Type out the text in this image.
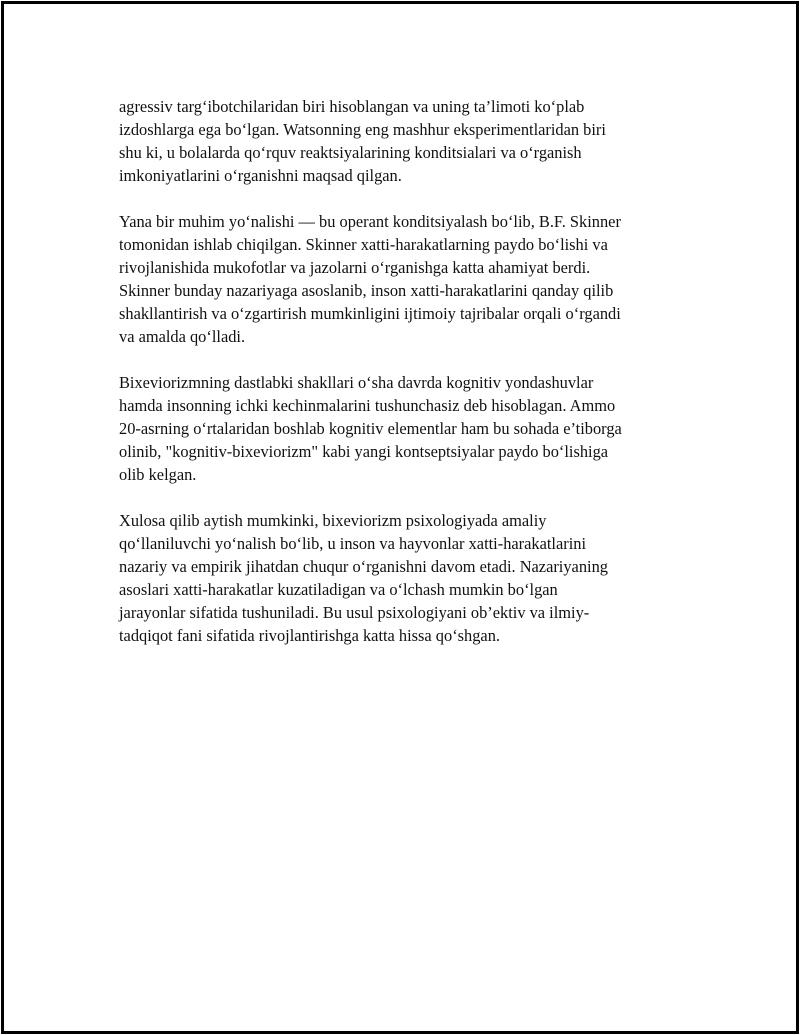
agressiv targ‘ibotchilaridan biri hisoblangan va uning ta’limoti ko‘plab
izdoshlarga ega bo‘lgan. Watsonning eng mashhur eksperimentlaridan biri
shu ki, u bolalarda qo‘rquv reaktsiyalarining konditsialari va o‘rganish
imkoniyatlarini o‘rganishni maqsad qilgan.

Yana bir muhim yo‘nalishi — bu operant konditsiyalash bo‘lib, B.F. Skinner
tomonidan ishlab chiqilgan. Skinner xatti-harakatlarning paydo bo‘lishi va
rivojlanishida mukofotlar va jazolarni o‘rganishga katta ahamiyat berdi.
Skinner bunday nazariyaga asoslanib, inson xatti-harakatlarini qanday qilib
shakllantirish va o‘zgartirish mumkinligini ijtimoiy tajribalar orqali o‘rgandi
va amalda qo‘lladi.

Bixeviorizmning dastlabki shakllari o‘sha davrda kognitiv yondashuvlar
hamda insonning ichki kechinmalarini tushunchasiz deb hisoblagan. Ammo
20-asrning o‘rtalaridan boshlab kognitiv elementlar ham bu sohada e’tiborga
olinib, "kognitiv-bixeviorizm" kabi yangi kontseptsiyalar paydo bo‘lishiga
olib kelgan.

Xulosa qilib aytish mumkinki, bixeviorizm psixologiyada amaliy
qo‘llaniluvchi yo‘nalish bo‘lib, u inson va hayvonlar xatti-harakatlarini
nazariy va empirik jihatdan chuqur o‘rganishni davom etadi. Nazariyaning
asoslari xatti-harakatlar kuzatiladigan va o‘lchash mumkin bo‘lgan
jarayonlar sifatida tushuniladi. Bu usul psixologiyani ob’ektiv va ilmiy-
tadqiqot fani sifatida rivojlantirishga katta hissa qo‘shgan.
